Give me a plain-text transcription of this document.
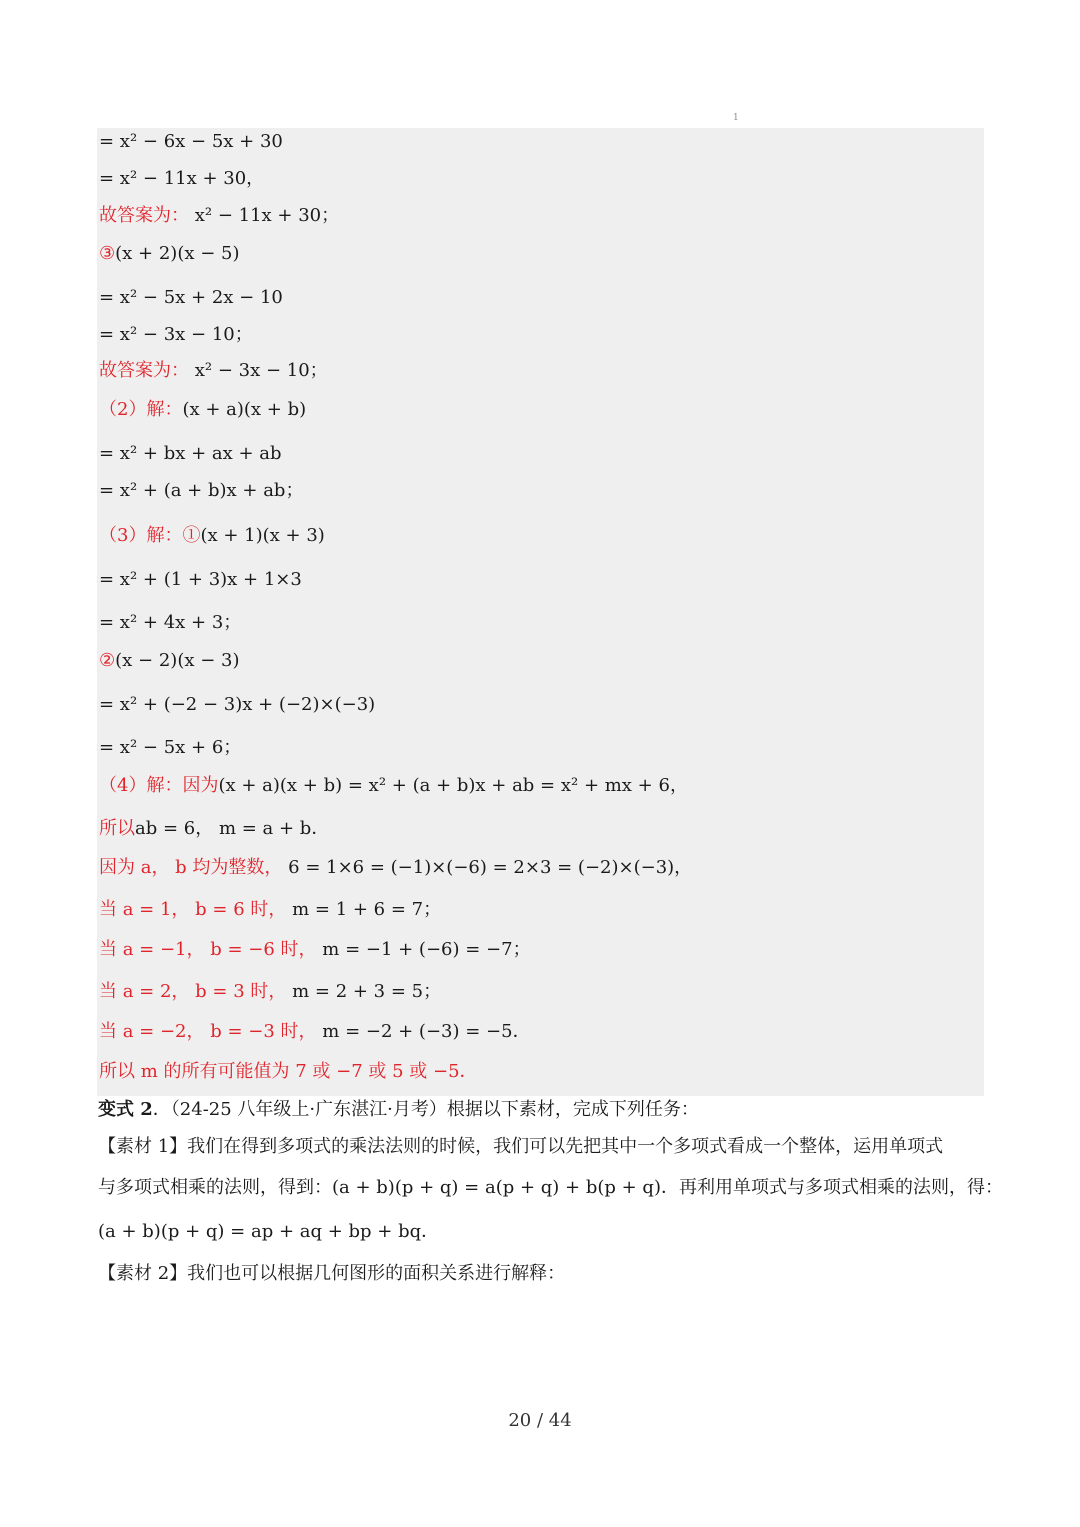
1
= x² − 6x − 5x + 30
= x² − 11x + 30，
故答案为： x² − 11x + 30；
③(x + 2)(x − 5)
= x² − 5x + 2x − 10
= x² − 3x − 10；
故答案为： x² − 3x − 10；
（2）解：(x + a)(x + b)
= x² + bx + ax + ab
= x² + (a + b)x + ab；
（3）解：①(x + 1)(x + 3)
= x² + (1 + 3)x + 1×3
= x² + 4x + 3；
②(x − 2)(x − 3)
= x² + (−2 − 3)x + (−2)×(−3)
= x² − 5x + 6；
（4）解：因为(x + a)(x + b) = x² + (a + b)x + ab = x² + mx + 6，
所以ab = 6， m = a + b．
因为 a， b 均为整数， 6 = 1×6 = (−1)×(−6) = 2×3 = (−2)×(−3)，
当 a = 1， b = 6 时， m = 1 + 6 = 7；
当 a = −1， b = −6 时， m = −1 + (−6) = −7；
当 a = 2， b = 3 时， m = 2 + 3 = 5；
当 a = −2， b = −3 时， m = −2 + (−3) = −5．
所以 m 的所有可能值为 7 或 −7 或 5 或 −5．
变式 2．（24-25 八年级上·广东湛江·月考）根据以下素材，完成下列任务：
【素材 1】我们在得到多项式的乘法法则的时候，我们可以先把其中一个多项式看成一个整体，运用单项式
与多项式相乘的法则，得到：(a + b)(p + q) = a(p + q) + b(p + q)．再利用单项式与多项式相乘的法则，得：
(a + b)(p + q) = ap + aq + bp + bq．
【素材 2】我们也可以根据几何图形的面积关系进行解释：
20 / 44
